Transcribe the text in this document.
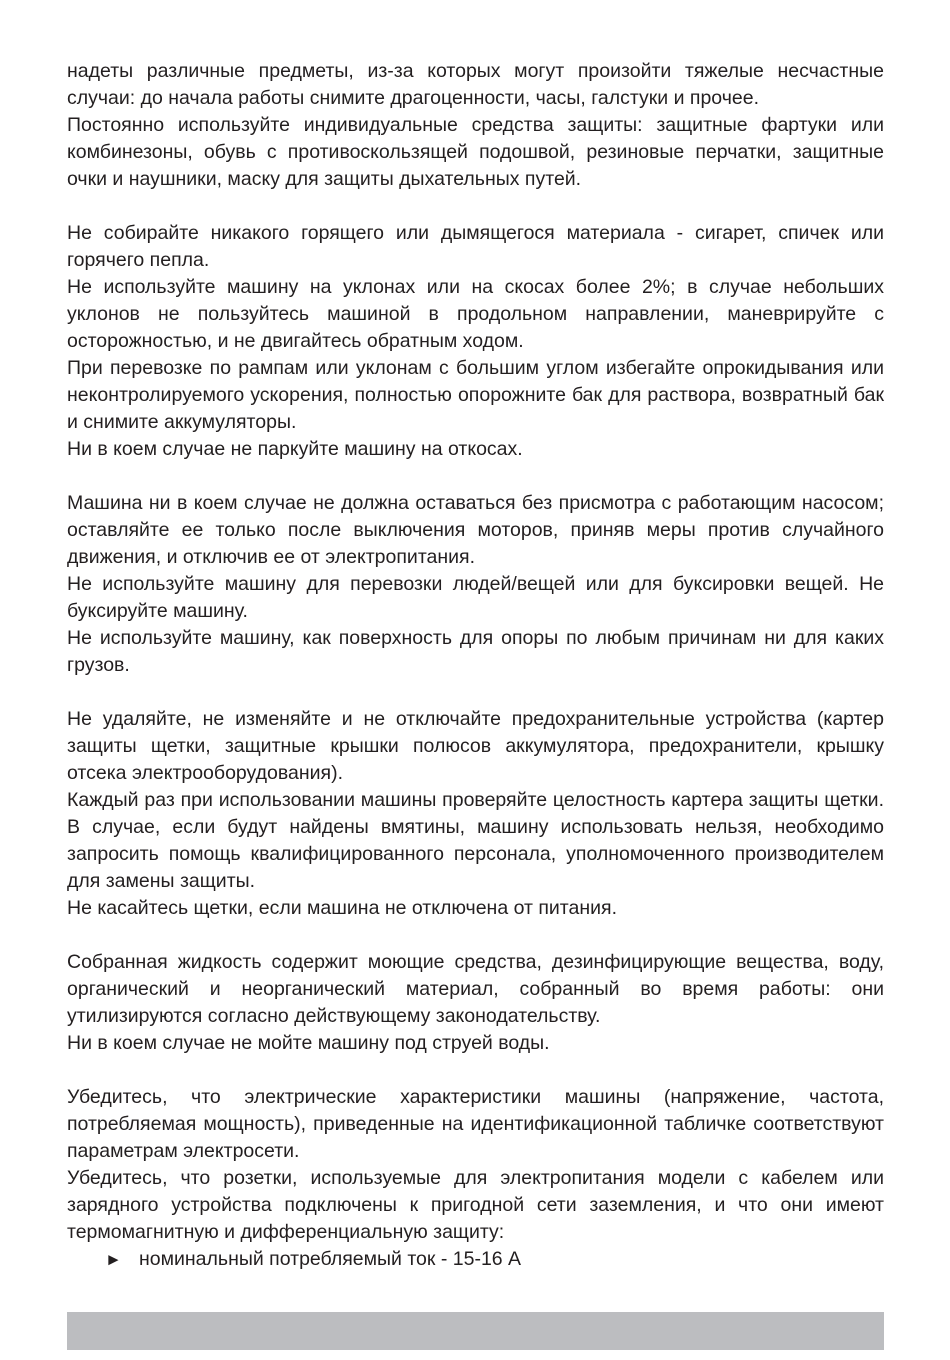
надеты различные предметы, из-за которых могут произойти тяжелые несчастные случаи: до начала работы снимите драгоценности, часы, галстуки и прочее.

Постоянно используйте индивидуальные средства защиты: защитные фартуки или комбинезоны, обувь с противоскользящей подошвой, резиновые перчатки, защитные очки и наушники, маску для защиты дыхательных путей.

Не собирайте никакого горящего или дымящегося материала - сигарет, спичек или горячего пепла.

Не используйте машину на уклонах или на скосах более 2%; в случае небольших уклонов не пользуйтесь машиной в продольном направлении, маневрируйте с осторожностью, и не двигайтесь обратным ходом.

При перевозке по рампам или уклонам с большим углом избегайте опрокидывания или неконтролируемого ускорения, полностью опорожните бак для раствора, возвратный бак и снимите аккумуляторы.

Ни в коем случае не паркуйте машину на откосах.

Машина ни в коем случае не должна оставаться без присмотра с работающим насосом; оставляйте ее только после выключения моторов, приняв меры против случайного движения, и отключив ее от электропитания.

Не используйте машину для перевозки людей/вещей или для буксировки вещей. Не буксируйте машину.

Не используйте машину, как поверхность для опоры по любым причинам ни для каких грузов.

Не удаляйте, не изменяйте и не отключайте предохранительные устройства (картер защиты щетки, защитные крышки полюсов аккумулятора, предохранители, крышку отсека электрооборудования).

Каждый раз при использовании машины проверяйте целостность картера защиты щетки. В случае, если будут найдены вмятины, машину использовать нельзя, необходимо запросить помощь квалифицированного персонала, уполномоченного производителем для замены защиты.

Не касайтесь щетки, если машина не отключена от питания.

Собранная жидкость содержит моющие средства, дезинфицирующие вещества, воду, органический и неорганический материал, собранный во время работы: они утилизируются согласно действующему законодательству.

Ни в коем случае не мойте машину под струей воды.

Убедитесь, что электрические характеристики машины (напряжение, частота, потребляемая мощность), приведенные на идентификационной табличке соответствуют параметрам электросети.

Убедитесь, что розетки, используемые для электропитания модели с кабелем или зарядного устройства подключены к пригодной сети заземления, и что они имеют термомагнитную и дифференциальную защиту:

► номинальный потребляемый ток - 15-16 А
